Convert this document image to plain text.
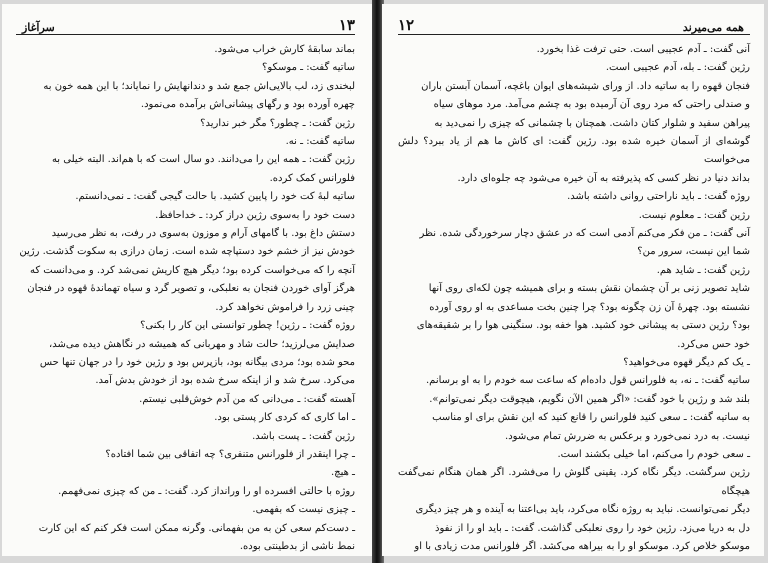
سرآغاز	۱۳

بماند سابقهٔ کارش خراب می‌شود.

ساتیه گفت: ـ موسکو؟

لبخندی زد، لب بالایی‌اش جمع شد و دندانهایش را نمایاند؛ با این همه خون به

چهره آورده بود و رگهای پیشانی‌اش برآمده می‌نمود.

رژین گفت: ـ چطور؟ مگر خبر ندارید؟

ساتیه گفت: ـ نه.

رژین گفت: ـ همه این را می‌دانند. دو سال است که با هم‌اند. البته خیلی به

فلورانس کمک کرده.

ساتیه لبهٔ کت خود را پایین کشید. با حالت گیجی گفت: ـ نمی‌دانستم.

دست خود را به‌سوی رژین دراز کرد: ـ خداحافظ.

دستش داغ بود. با گامهای آرام و موزون به‌سوی در رفت، به نظر می‌رسید

خودش نیز از خشم خود دستپاچه شده است. زمان درازی به سکوت گذشت. رژین

آنچه را که می‌خواست کرده بود؛ دیگر هیچ کاریش نمی‌شد کرد. و می‌دانست که

هرگز آوای خوردن فنجان به نعلبکی، و تصویر گرد و سیاه تهماندهٔ قهوه در فنجان

چینی زرد را فراموش نخواهد کرد.

روژه گفت: ـ رژین! چطور توانستی این کار را بکنی؟

صدایش می‌لرزید؛ حالت شاد و مهربانی که همیشه در نگاهش دیده می‌شد،

محو شده بود؛ مردی بیگانه بود، بازپرس بود و رژین خود را در جهان تنها حس

می‌کرد. سرخ شد و از اینکه سرخ شده بود از خودش بدش آمد.

آهسته گفت: ـ می‌دانی که من آدم خوش‌قلبی نیستم.

ـ اما کاری که کردی کار پستی بود.

رژین گفت: ـ پست باشد.

ـ چرا اینقدر از فلورانس متنفری؟ چه اتفاقی بین شما افتاده؟

ـ هیچ.

روژه با حالتی افسرده او را ورانداز کرد. گفت: ـ من که چیزی نمی‌فهمم.

ـ چیزی نیست که بفهمی.

ـ دست‌کم سعی کن به من بفهمانی. وگرنه ممکن است فکر کنم که این کارت

نمط ناشی از بدطینتی بوده.

۱۲	همه می‌میرند

آنی گفت: ـ آدم عجیبی است. حتی ترفت غذا بخورد.

رژین گفت: ـ بله، آدم عجیبی است.

فنجان قهوه را به ساتیه داد. از ورای شیشه‌های ایوان باغچه، آسمان آبستن باران

و صندلی راحتی که مرد روی آن آرمیده بود به چشم می‌آمد. مرد موهای سیاه

پیراهن سفید و شلوار کتان داشت. همچنان با چشمانی که چیزی را نمی‌دید به

گوشه‌ای از آسمان خیره شده بود. رژین گفت: ای کاش ما هم از یاد ببرد؟ دلش می‌خواست

بداند دنیا در نظر کسی که پذیرفته به آن خیره می‌شود چه جلوه‌ای دارد.

روژه گفت: ـ باید ناراحتی روانی داشته باشد.

رژین گفت: ـ معلوم نیست.

آنی گفت: ـ من فکر می‌کنم آدمی است که در عشق دچار سرخوردگی شده. نظر

شما این نیست، سرور من؟

رژین گفت: ـ شاید هم.

شاید تصویر زنی بر آن چشمان نقش بسته و برای همیشه چون لکه‌ای روی آنها

نشسته بود. چهرهٔ آن زن چگونه بود؟ چرا چنین بخت مساعدی به او روی آورده

بود؟ رژین دستی به پیشانی خود کشید. هوا خفه بود. سنگینی هوا را بر شقیقه‌های

خود حس می‌کرد.

ـ یک کم دیگر قهوه می‌خواهید؟

ساتیه گفت: ـ نه، به فلورانس قول داده‌ام که ساعت سه خودم را به او برسانم.

بلند شد و رژین با خود گفت: «اگر همین الآن نگویم، هیچوقت دیگر نمی‌توانم».

به ساتیه گفت: ـ سعی کنید فلورانس را قانع کنید که این نقش برای او مناسب

نیست. به درد نمی‌خورد و برعکس به ضررش تمام می‌شود.

ـ سعی خودم را می‌کنم، اما خیلی بکشند است.

رژین سرگشت. دیگر نگاه کرد. یقینی گلوش را می‌فشرد. اگر همان هنگام نمی‌گفت هیچگاه

دیگر نمی‌توانست. نباید به روژه نگاه می‌کرد، باید بی‌اعتنا به آینده و هر چیز دیگری

دل به دریا می‌زد. رژین خود را روی نعلبکی گذاشت. گفت: ـ باید او را از نفوذ

موسکو خلاص کرد. موسکو او را به بیراهه می‌کشد. اگر فلورانس مدت زیادی با او
